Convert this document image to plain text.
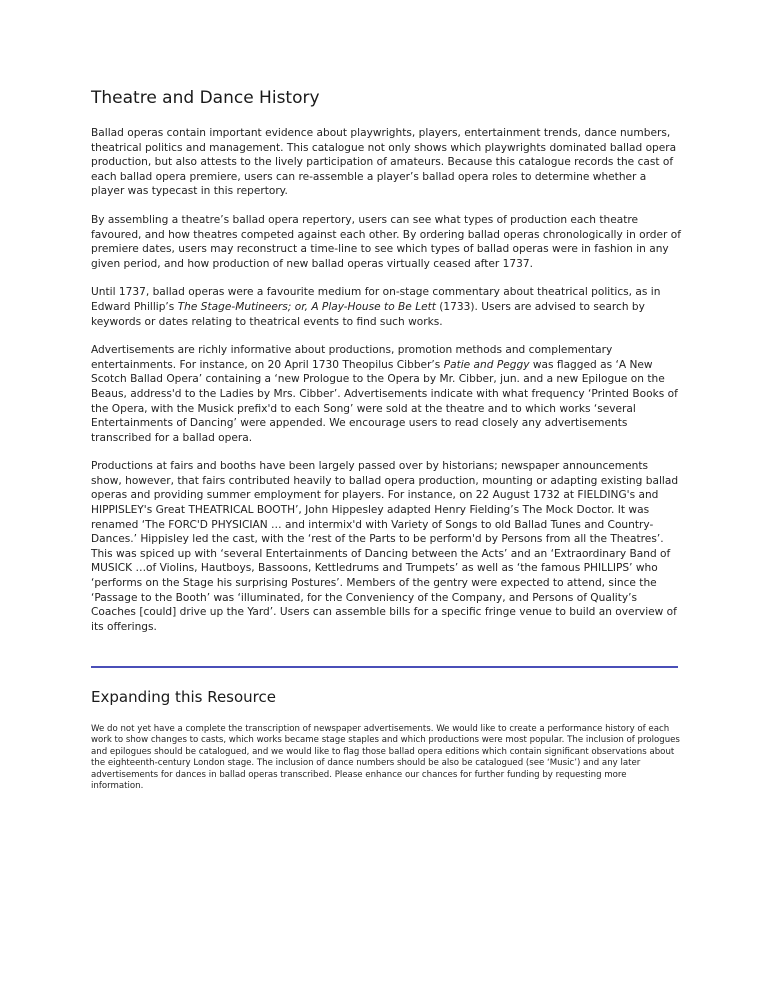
Theatre and Dance History

Ballad operas contain important evidence about playwrights, players, entertainment trends, dance numbers, theatrical politics and management. This catalogue not only shows which playwrights dominated ballad opera production, but also attests to the lively participation of amateurs. Because this catalogue records the cast of each ballad opera premiere, users can re-assemble a player’s ballad opera roles to determine whether a player was typecast in this repertory.

By assembling a theatre’s ballad opera repertory, users can see what types of production each theatre favoured, and how theatres competed against each other. By ordering ballad operas chronologically in order of premiere dates, users may reconstruct a time-line to see which types of ballad operas were in fashion in any given period, and how production of new ballad operas virtually ceased after 1737.

Until 1737, ballad operas were a favourite medium for on-stage commentary about theatrical politics, as in Edward Phillip’s The Stage-Mutineers; or, A Play-House to Be Lett (1733). Users are advised to search by keywords or dates relating to theatrical events to find such works.

Advertisements are richly informative about productions, promotion methods and complementary entertainments. For instance, on 20 April 1730 Theopilus Cibber’s Patie and Peggy was flagged as ‘A New Scotch Ballad Opera’ containing a ‘new Prologue to the Opera by Mr. Cibber, jun. and a new Epilogue on the Beaus, address'd to the Ladies by Mrs. Cibber’. Advertisements indicate with what frequency ‘Printed Books of the Opera, with the Musick prefix'd to each Song’ were sold at the theatre and to which works ‘several Entertainments of Dancing’ were appended. We encourage users to read closely any advertisements transcribed for a ballad opera.

Productions at fairs and booths have been largely passed over by historians; newspaper announcements show, however, that fairs contributed heavily to ballad opera production, mounting or adapting existing ballad operas and providing summer employment for players. For instance, on 22 August 1732 at FIELDING's and HIPPISLEY's Great THEATRICAL BOOTH’, John Hippesley adapted Henry Fielding’s The Mock Doctor. It was renamed ‘The FORC'D PHYSICIAN … and intermix'd with Variety of Songs to old Ballad Tunes and Country-Dances.’ Hippisley led the cast, with the ‘rest of the Parts to be perform'd by Persons from all the Theatres’. This was spiced up with ‘several Entertainments of Dancing between the Acts’ and an ‘Extraordinary Band of MUSICK …of Violins, Hautboys, Bassoons, Kettledrums and Trumpets’ as well as ‘the famous PHILLIPS’ who ‘performs on the Stage his surprising Postures’. Members of the gentry were expected to attend, since the ‘Passage to the Booth’ was ‘illuminated, for the Conveniency of the Company, and Persons of Quality’s Coaches [could] drive up the Yard’. Users can assemble bills for a specific fringe venue to build an overview of its offerings.

Expanding this Resource

We do not yet have a complete the transcription of newspaper advertisements. We would like to create a performance history of each work to show changes to casts, which works became stage staples and which productions were most popular. The inclusion of prologues and epilogues should be catalogued, and we would like to flag those ballad opera editions which contain significant observations about the eighteenth-century London stage. The inclusion of dance numbers should be also be catalogued (see ‘Music’) and any later advertisements for dances in ballad operas transcribed. Please enhance our chances for further funding by requesting more information.
